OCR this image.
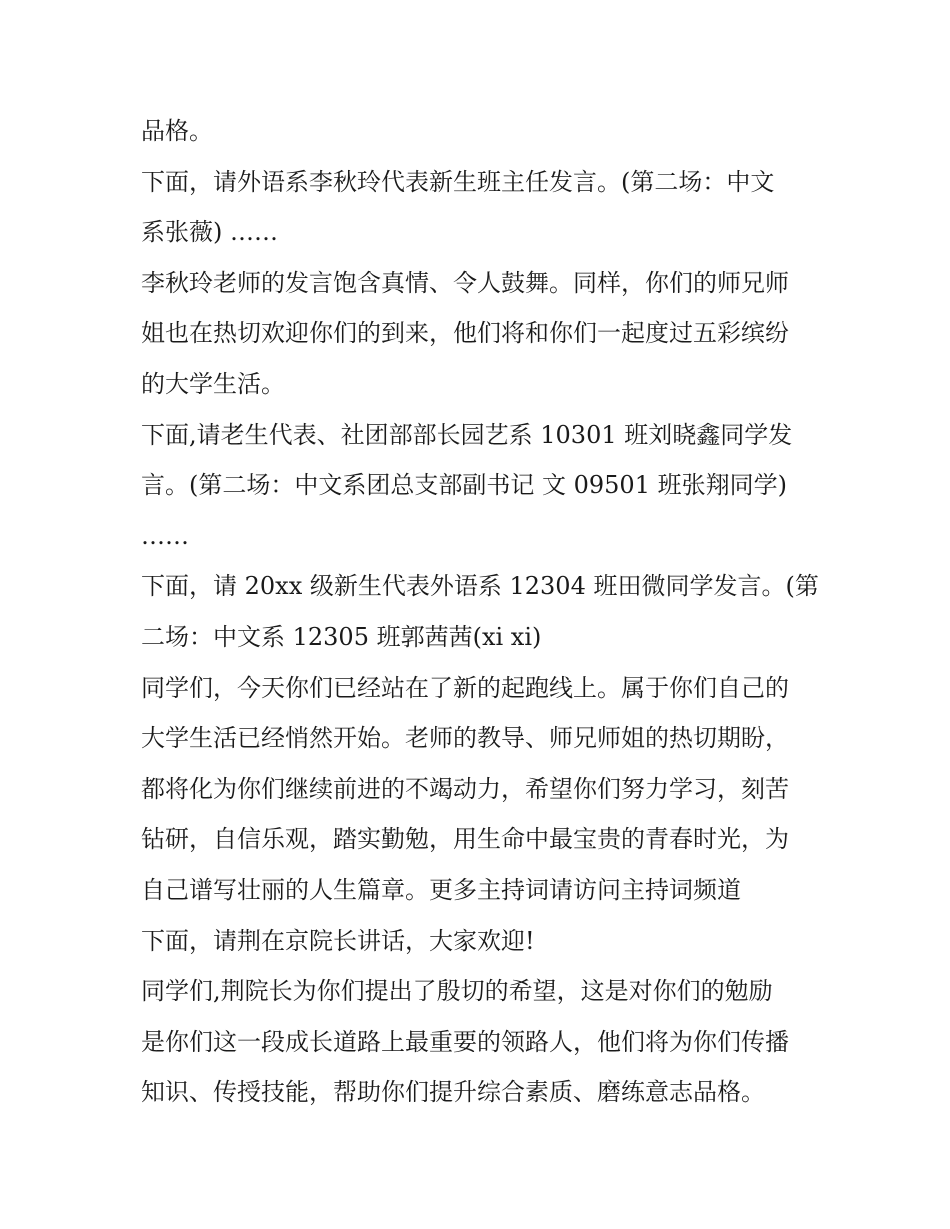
品格。
下面，请外语系李秋玲代表新生班主任发言。(第二场：中文
系张薇) ……
李秋玲老师的发言饱含真情、令人鼓舞。同样，你们的师兄师
姐也在热切欢迎你们的到来，他们将和你们一起度过五彩缤纷
的大学生活。
下面,请老生代表、社团部部长园艺系 10301 班刘晓鑫同学发
言。(第二场：中文系团总支部副书记 文 09501 班张翔同学)
……
下面，请 20xx 级新生代表外语系 12304 班田微同学发言。(第
二场：中文系 12305 班郭茜茜(xi xi)
同学们，今天你们已经站在了新的起跑线上。属于你们自己的
大学生活已经悄然开始。老师的教导、师兄师姐的热切期盼，
都将化为你们继续前进的不竭动力，希望你们努力学习，刻苦
钻研，自信乐观，踏实勤勉，用生命中最宝贵的青春时光，为
自己谱写壮丽的人生篇章。更多主持词请访问主持词频道
下面，请荆在京院长讲话，大家欢迎!
同学们,荆院长为你们提出了殷切的希望，这是对你们的勉励
是你们这一段成长道路上最重要的领路人，他们将为你们传播
知识、传授技能，帮助你们提升综合素质、磨练意志品格。
